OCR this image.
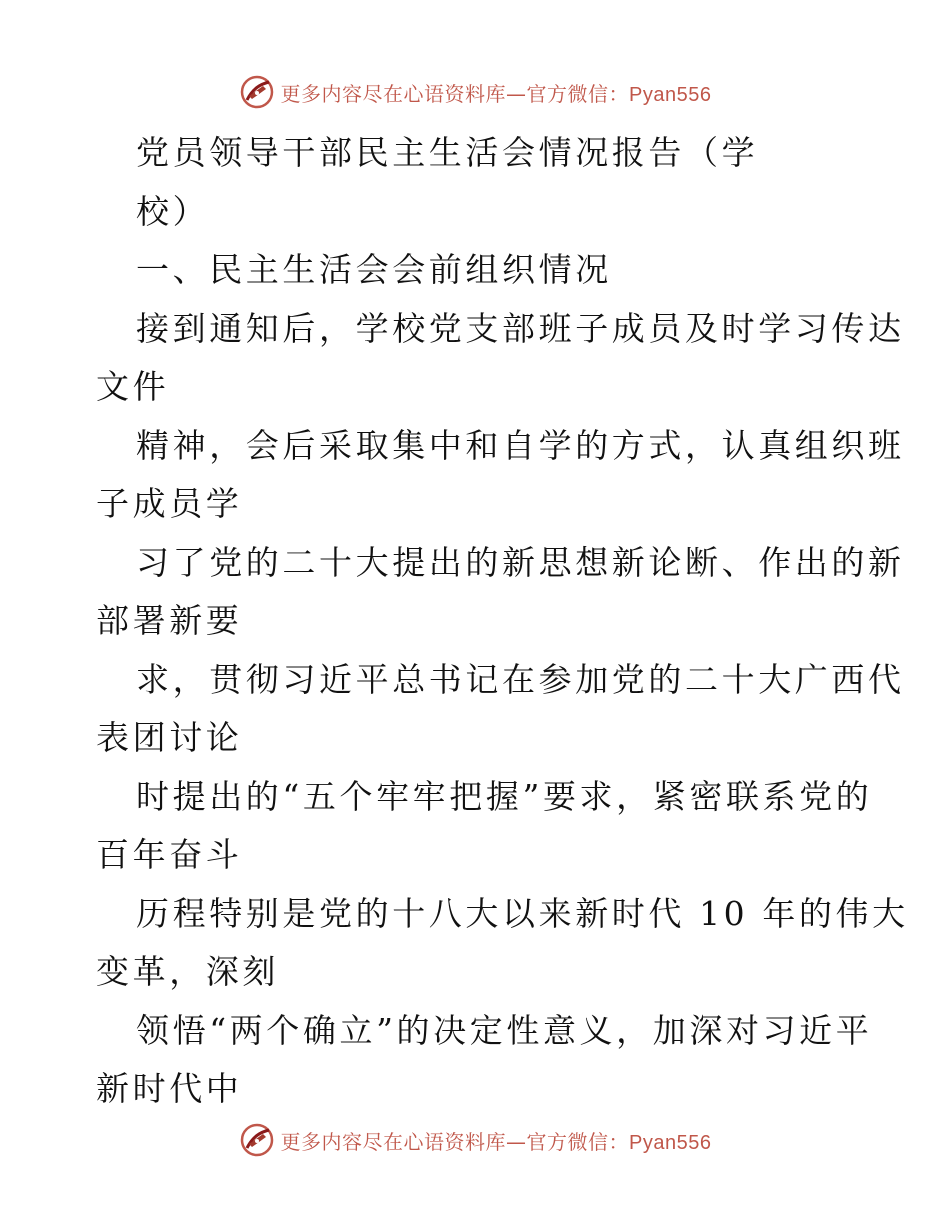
更多内容尽在心语资料库—官方微信：Pyan556
党员领导干部民主生活会情况报告（学
校）
一、民主生活会会前组织情况
接到通知后，学校党支部班子成员及时学习传达
文件
精神，会后采取集中和自学的方式，认真组织班
子成员学
习了党的二十大提出的新思想新论断、作出的新
部署新要
求，贯彻习近平总书记在参加党的二十大广西代
表团讨论
时提出的“五个牢牢把握”要求，紧密联系党的
百年奋斗
历程特别是党的十八大以来新时代 10 年的伟大
变革，深刻
领悟“两个确立”的决定性意义，加深对习近平
新时代中
更多内容尽在心语资料库—官方微信：Pyan556
